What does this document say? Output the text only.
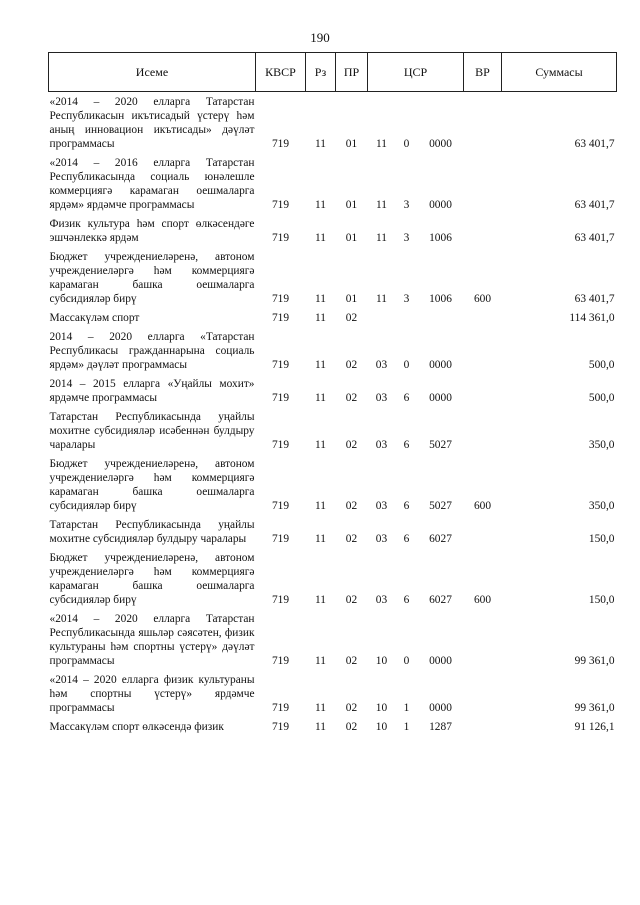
190
Исеме	КВСР	Рз	ПР	ЦСР			ВР	Суммасы
«2014 – 2020 елларга Татарстан Республикасын икътисадый үстерү һәм аның инновацион икътисады» дәүләт программасы	719	11	01	11	0	0000		63 401,7
«2014 – 2016 елларга Татарстан Республикасында социаль юнәлешле коммерциягә карамаган оешмаларга ярдәм» ярдәмче программасы	719	11	01	11	3	0000		63 401,7
Физик культура һәм спорт өлкәсендәге эшчәнлеккә ярдәм	719	11	01	11	3	1006		63 401,7
Бюджет учреждениеләренә, автоном учреждениеләргә һәм коммерциягә карамаган башка оешмаларга субсидияләр бирү	719	11	01	11	3	1006	600	63 401,7
Массакүләм спорт	719	11	02					114 361,0
2014 – 2020 елларга «Татарстан Республикасы гражданнарына социаль ярдәм» дәүләт программасы	719	11	02	03	0	0000		500,0
2014 – 2015 елларга «Уңайлы мохит» ярдәмче программасы	719	11	02	03	6	0000		500,0
Татарстан Республикасында уңайлы мохитне субсидияләр исәбеннән булдыру чаралары	719	11	02	03	6	5027		350,0
Бюджет учреждениеләренә, автоном учреждениеләргә һәм коммерциягә карамаган башка оешмаларга субсидияләр бирү	719	11	02	03	6	5027	600	350,0
Татарстан Республикасында уңайлы мохитне субсидияләр булдыру чаралары	719	11	02	03	6	6027		150,0
Бюджет учреждениеләренә, автоном учреждениеләргә һәм коммерциягә карамаган башка оешмаларга субсидияләр бирү	719	11	02	03	6	6027	600	150,0
«2014 – 2020 елларга Татарстан Республикасында яшьләр сәясәтен, физик культураны һәм спортны үстерү» дәүләт программасы	719	11	02	10	0	0000		99 361,0
«2014 – 2020 елларга физик культураны һәм спортны үстерү» ярдәмче программасы	719	11	02	10	1	0000		99 361,0
Массакүләм спорт өлкәсендә физик	719	11	02	10	1	1287		91 126,1
